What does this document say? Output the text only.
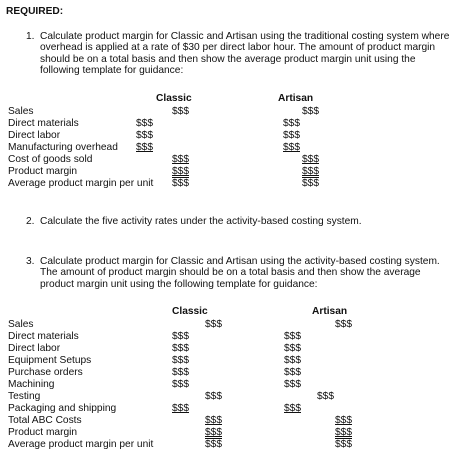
REQUIRED:
1. Calculate product margin for Classic and Artisan using the traditional costing system where overhead is applied at a rate of $30 per direct labor hour. The amount of product margin should be on a total basis and then show the average product margin unit using the following template for guidance:
Classic	Artisan
Sales
Direct materials
Direct labor
Manufacturing overhead
Cost of goods sold
Product margin
Average product margin per unit
$$$
$$$
$$$
$$$
$$$
$$$
$$$
$$$
$$$
$$$
$$$
$$$
$$$
$$$
2. Calculate the five activity rates under the activity-based costing system.
3. Calculate product margin for Classic and Artisan using the activity-based costing system. The amount of product margin should be on a total basis and then show the average product margin unit using the following template for guidance:
Classic	Artisan
Sales
Direct materials
Direct labor
Equipment Setups
Purchase orders
Machining
Testing
Packaging and shipping
Total ABC Costs
Product margin
Average product margin per unit
$$$
$$$
$$$
$$$
$$$
$$$
$$$
$$$
$$$
$$$
$$$
$$$
$$$
$$$
$$$
$$$
$$$
$$$
$$$
$$$
$$$
$$$
